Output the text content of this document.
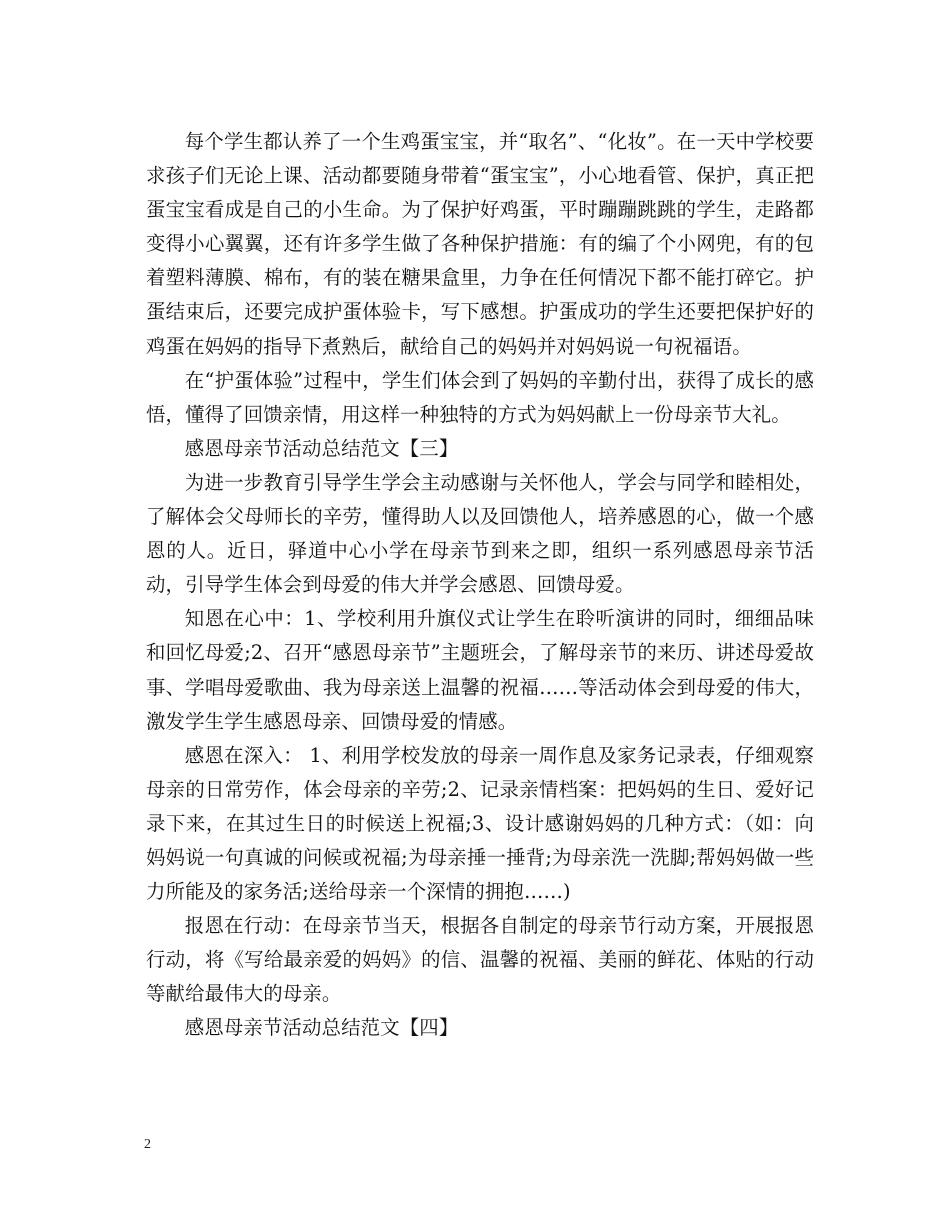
每个学生都认养了一个生鸡蛋宝宝，并“取名”、“化妆”。在一天中学校要求孩子们无论上课、活动都要随身带着“蛋宝宝”，小心地看管、保护，真正把蛋宝宝看成是自己的小生命。为了保护好鸡蛋，平时蹦蹦跳跳的学生，走路都变得小心翼翼，还有许多学生做了各种保护措施：有的编了个小网兜，有的包着塑料薄膜、棉布，有的装在糖果盒里，力争在任何情况下都不能打碎它。护蛋结束后，还要完成护蛋体验卡，写下感想。护蛋成功的学生还要把保护好的鸡蛋在妈妈的指导下煮熟后，献给自己的妈妈并对妈妈说一句祝福语。

在“护蛋体验”过程中，学生们体会到了妈妈的辛勤付出，获得了成长的感悟，懂得了回馈亲情，用这样一种独特的方式为妈妈献上一份母亲节大礼。

感恩母亲节活动总结范文【三】

为进一步教育引导学生学会主动感谢与关怀他人，学会与同学和睦相处，了解体会父母师长的辛劳，懂得助人以及回馈他人，培养感恩的心，做一个感恩的人。近日，驿道中心小学在母亲节到来之即，组织一系列感恩母亲节活动，引导学生体会到母爱的伟大并学会感恩、回馈母爱。

知恩在心中：1、学校利用升旗仪式让学生在聆听演讲的同时，细细品味和回忆母爱;2、召开“感恩母亲节”主题班会，了解母亲节的来历、讲述母爱故事、学唱母爱歌曲、我为母亲送上温馨的祝福……等活动体会到母爱的伟大，激发学生学生感恩母亲、回馈母爱的情感。

感恩在深入： 1、利用学校发放的母亲一周作息及家务记录表，仔细观察母亲的日常劳作，体会母亲的辛劳;2、记录亲情档案：把妈妈的生日、爱好记录下来，在其过生日的时候送上祝福;3、设计感谢妈妈的几种方式：（如：向妈妈说一句真诚的问候或祝福;为母亲捶一捶背;为母亲洗一洗脚;帮妈妈做一些力所能及的家务活;送给母亲一个深情的拥抱……)

报恩在行动：在母亲节当天，根据各自制定的母亲节行动方案，开展报恩行动，将《写给最亲爱的妈妈》的信、温馨的祝福、美丽的鲜花、体贴的行动等献给最伟大的母亲。

感恩母亲节活动总结范文【四】

2
